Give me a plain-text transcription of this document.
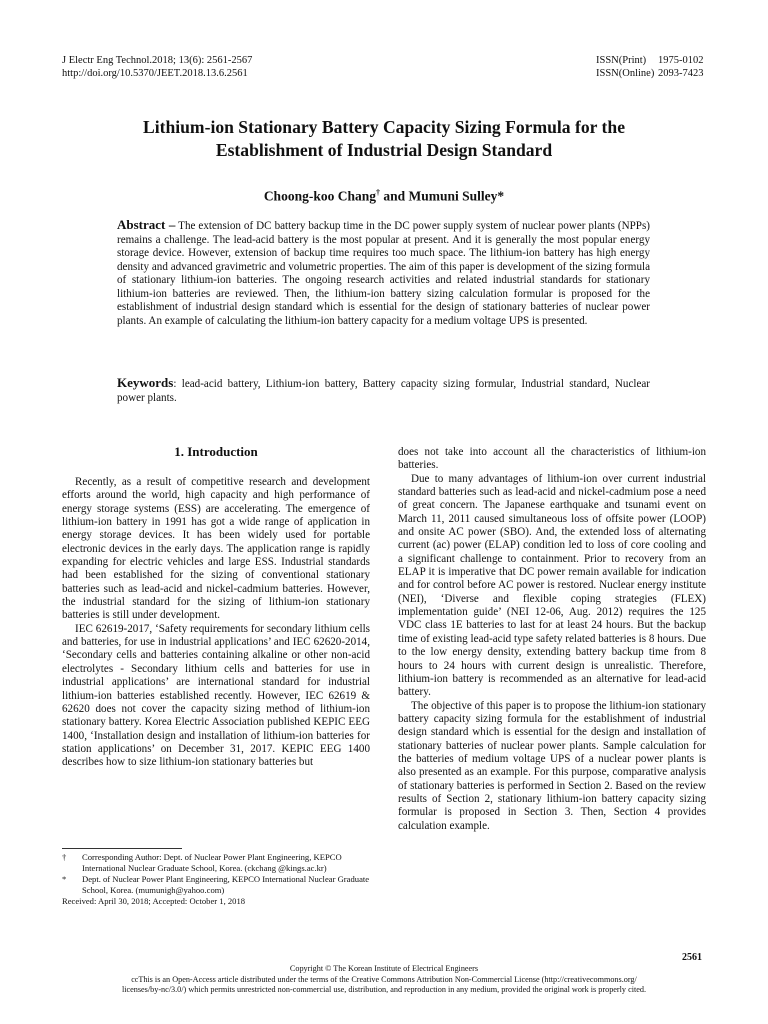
J Electr Eng Technol.2018; 13(6): 2561-2567
http://doi.org/10.5370/JEET.2018.13.6.2561
ISSN(Print) 1975-0102
ISSN(Online) 2093-7423
Lithium-ion Stationary Battery Capacity Sizing Formula for the
Establishment of Industrial Design Standard
Choong-koo Chang† and Mumuni Sulley*
Abstract – The extension of DC battery backup time in the DC power supply system of nuclear power plants (NPPs) remains a challenge. The lead-acid battery is the most popular at present. And it is generally the most popular energy storage device. However, extension of backup time requires too much space. The lithium-ion battery has high energy density and advanced gravimetric and volumetric properties. The aim of this paper is development of the sizing formula of stationary lithium-ion batteries. The ongoing research activities and related industrial standards for stationary lithium-ion batteries are reviewed. Then, the lithium-ion battery sizing calculation formular is proposed for the establishment of industrial design standard which is essential for the design of stationary batteries of nuclear power plants. An example of calculating the lithium-ion battery capacity for a medium voltage UPS is presented.
Keywords: lead-acid battery, Lithium-ion battery, Battery capacity sizing formular, Industrial standard, Nuclear power plants.
1. Introduction

Recently, as a result of competitive research and development efforts around the world, high capacity and high performance of energy storage systems (ESS) are accelerating. The emergence of lithium-ion battery in 1991 has got a wide range of application in energy storage devices. It has been widely used for portable electronic devices in the early days. The application range is rapidly expanding for electric vehicles and large ESS. Industrial standards had been established for the sizing of conventional stationary batteries such as lead-acid and nickel-cadmium batteries. However, the industrial standard for the sizing of lithium-ion stationary batteries is still under development.

IEC 62619-2017, ‘Safety requirements for secondary lithium cells and batteries, for use in industrial applications’ and IEC 62620-2014, ‘Secondary cells and batteries containing alkaline or other non-acid electrolytes - Secondary lithium cells and batteries for use in industrial applications’ are international standard for industrial lithium-ion batteries established recently. However, IEC 62619 & 62620 does not cover the capacity sizing method of lithium-ion stationary battery. Korea Electric Association published KEPIC EEG 1400, ‘Installation design and installation of lithium-ion batteries for station applications’ on December 31, 2017. KEPIC EEG 1400 describes how to size lithium-ion stationary batteries but

does not take into account all the characteristics of lithium-ion batteries.

Due to many advantages of lithium-ion over current industrial standard batteries such as lead-acid and nickel-cadmium pose a need of great concern. The Japanese earthquake and tsunami event on March 11, 2011 caused simultaneous loss of offsite power (LOOP) and onsite AC power (SBO). And, the extended loss of alternating current (ac) power (ELAP) condition led to loss of core cooling and a significant challenge to containment. Prior to recovery from an ELAP it is imperative that DC power remain available for indication and for control before AC power is restored. Nuclear energy institute (NEI), ‘Diverse and flexible coping strategies (FLEX) implementation guide’ (NEI 12-06, Aug. 2012) requires the 125 VDC class 1E batteries to last for at least 24 hours. But the backup time of existing lead-acid type safety related batteries is 8 hours. Due to the low energy density, extending battery backup time from 8 hours to 24 hours with current design is unrealistic. Therefore, lithium-ion battery is recommended as an alternative for lead-acid battery.

The objective of this paper is to propose the lithium-ion stationary battery capacity sizing formula for the establishment of industrial design standard which is essential for the design and installation of stationary batteries of nuclear power plants. Sample calculation for the batteries of medium voltage UPS of a nuclear power plants is also presented as an example. For this purpose, comparative analysis of stationary batteries is performed in Section 2. Based on the review results of Section 2, stationary lithium-ion battery capacity sizing formular is proposed in Section 3. Then, Section 4 provides calculation example.

† Corresponding Author: Dept. of Nuclear Power Plant Engineering, KEPCO International Nuclear Graduate School, Korea. (ckchang @kings.ac.kr)
* Dept. of Nuclear Power Plant Engineering, KEPCO International Nuclear Graduate School, Korea. (mumunigh@yahoo.com)
Received: April 30, 2018; Accepted: October 1, 2018
2561
Copyright © The Korean Institute of Electrical Engineers
ccThis is an Open-Access article distributed under the terms of the Creative Commons Attribution Non-Commercial License (http://creativecommons.org/
licenses/by-nc/3.0/) which permits unrestricted non-commercial use, distribution, and reproduction in any medium, provided the original work is properly cited.
